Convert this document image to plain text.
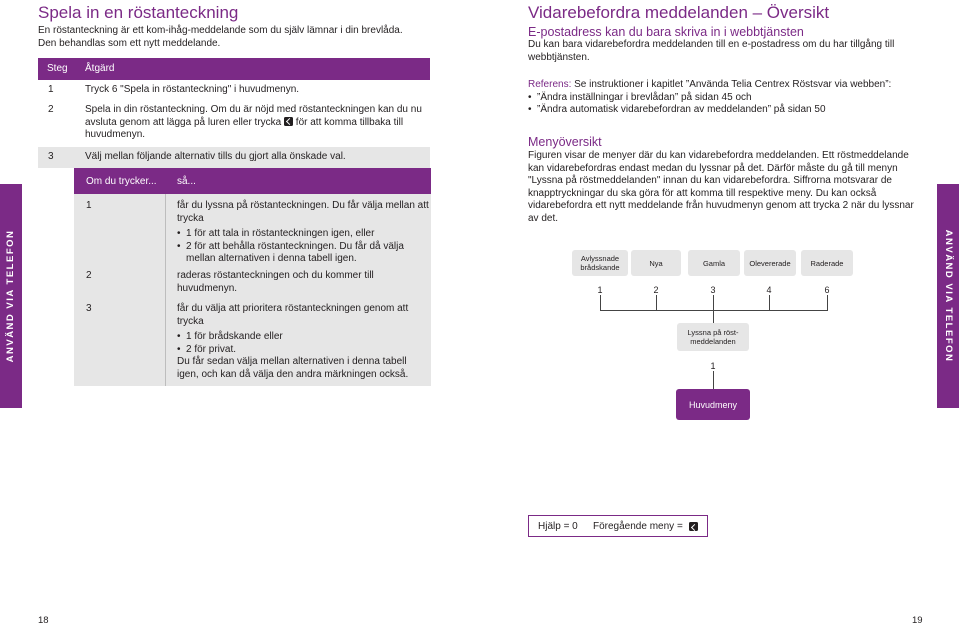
ANVÄND VIA TELEFON	ANVÄND VIA TELEFON
Spela in en röstanteckning
En röstanteckning är ett kom-ihåg-meddelande som du själv lämnar i din brevlåda. Den behandlas som ett nytt meddelande.
Steg Åtgärd
1	Tryck 6 "Spela in röstanteckning" i huvudmenyn.
2	Spela in din röstanteckning. Om du är nöjd med röstanteckningen kan du nu avsluta genom att lägga på luren eller trycka för att komma tillbaka till huvudmenyn.
3	Välj mellan följande alternativ tills du gjort alla önskade val.
Om du trycker... så...
1	får du lyssna på röstanteckningen. Du får välja mellan att trycka
• 1 för att tala in röstanteckningen igen, eller
• 2 för att behålla röstanteckningen. Du får då välja mellan alternativen i denna tabell igen.
2	raderas röstanteckningen och du kommer till huvudmenyn.
3	får du välja att prioritera röstanteckningen genom att trycka
• 1 för brådskande eller
• 2 för privat.
Du får sedan välja mellan alternativen i denna tabell igen, och kan då välja den andra märkningen också.
18
Vidarebefordra meddelanden – Översikt
E-postadress kan du bara skriva in i webbtjänsten
Du kan bara vidarebefordra meddelanden till en e-postadress om du har tillgång till webbtjänsten.
Referens: Se instruktioner i kapitlet ”Använda Telia Centrex Röstsvar via webben”:
• ”Ändra inställningar i brevlådan” på sidan 45 och
• ”Ändra automatisk vidarebefordran av meddelanden” på sidan 50
Menyöversikt
Figuren visar de menyer där du kan vidarebefordra meddelanden. Ett röstmeddelande kan vidarebefordras endast medan du lyssnar på det. Därför måste du gå till menyn "Lyssna på röstmeddelanden" innan du kan vidarebefordra. Siffrorna motsvarar de knapptryckningar du ska göra för att komma till respektive meny. Du kan också vidarebefordra ett nytt meddelande från huvudmenyn genom att trycka 2 när du lyssnar av det.
Avlyssnade brådskande	Nya	Gamla	Olevererade	Raderade
1	2	3	4	6
Lyssna på röst-meddelanden
1
Huvudmeny
Hjälp = 0 Föregående meny =
19
